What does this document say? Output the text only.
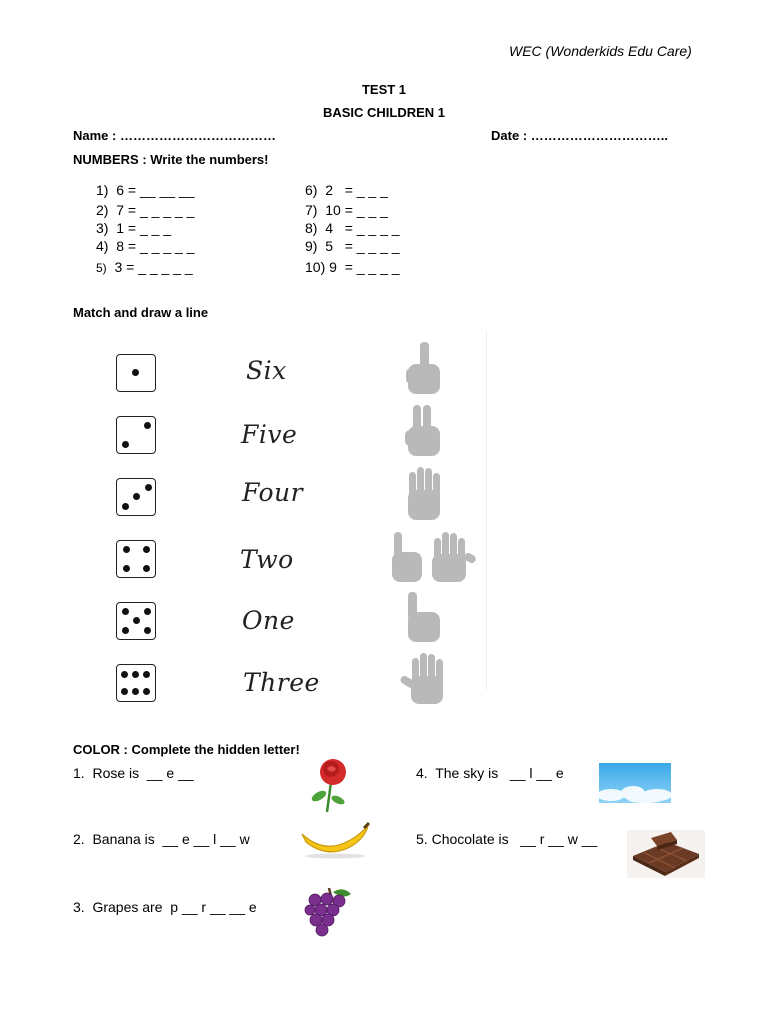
WEC (Wonderkids Edu Care)
TEST 1
BASIC CHILDREN 1
Name : ………………………………	Date : …………………………..
NUMBERS : Write the numbers!
1) 6 = __ __ __
2) 7 = _ _ _ _ _
3) 1 = _ _ _
4) 8 = _ _ _ _ _
5) 3 = _ _ _ _ _
6) 2   = _ _ _
7) 10 = _ _ _
8) 4   = _ _ _ _
9) 5   = _ _ _ _
10) 9  = _ _ _ _
Match and draw a line
Six
Five
Four
Two
One
Three
COLOR : Complete the hidden letter!
1. Rose is  __ e __
2. Banana is  __ e __ l __ w
3. Grapes are  p __ r __ __ e
4. The sky is   __ l __ e
5. Chocolate is   __ r __ w __
